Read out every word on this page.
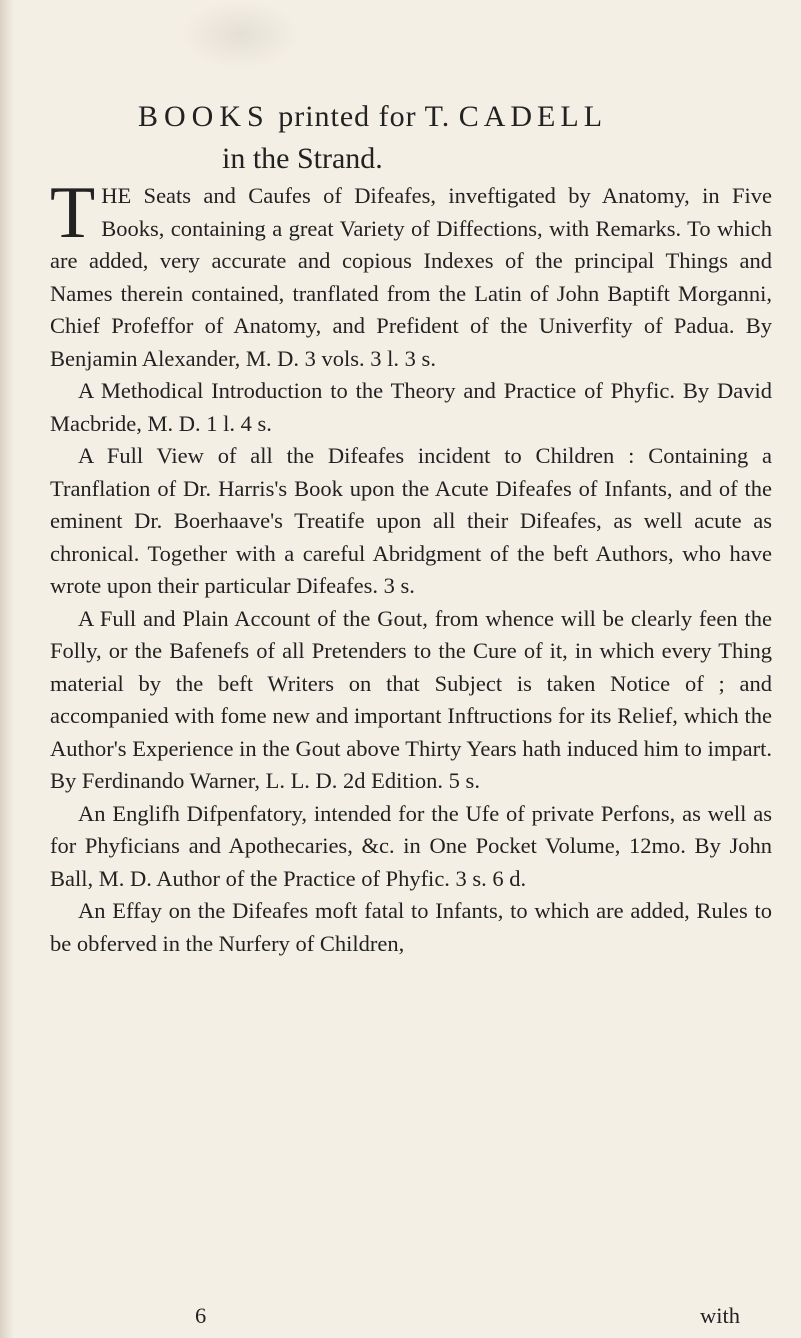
BOOKS printed for T. CADELL
in the Strand.

THE Seats and Caufes of Difeafes, inveftigated by Anatomy, in Five Books, containing a great Variety of Diffections, with Remarks. To which are added, very accurate and copious Indexes of the principal Things and Names therein contained, tranflated from the Latin of John Baptift Morganni, Chief Profeffor of Anatomy, and Prefident of the Univerfity of Padua. By Benjamin Alexander, M. D. 3 vols. 3 l. 3 s.

A Methodical Introduction to the Theory and Practice of Phyfic. By David Macbride, M. D. 1 l. 4 s.

A Full View of all the Difeafes incident to Children : Containing a Tranflation of Dr. Harris's Book upon the Acute Difeafes of Infants, and of the eminent Dr. Boerhaave's Treatife upon all their Difeafes, as well acute as chronical. Together with a careful Abridgment of the beft Authors, who have wrote upon their particular Difeafes. 3 s.

A Full and Plain Account of the Gout, from whence will be clearly feen the Folly, or the Bafenefs of all Pretenders to the Cure of it, in which every Thing material by the beft Writers on that Subject is taken Notice of ; and accompanied with fome new and important Inftructions for its Relief, which the Author's Experience in the Gout above Thirty Years hath induced him to impart. By Ferdinando Warner, L. L. D. 2d Edition. 5 s.

An Englifh Difpenfatory, intended for the Ufe of private Perfons, as well as for Phyficians and Apothecaries, &c. in One Pocket Volume, 12mo. By John Ball, M. D. Author of the Practice of Phyfic. 3 s. 6 d.

An Effay on the Difeafes moft fatal to Infants, to which are added, Rules to be obferved in the Nurfery of Children,

6	with
